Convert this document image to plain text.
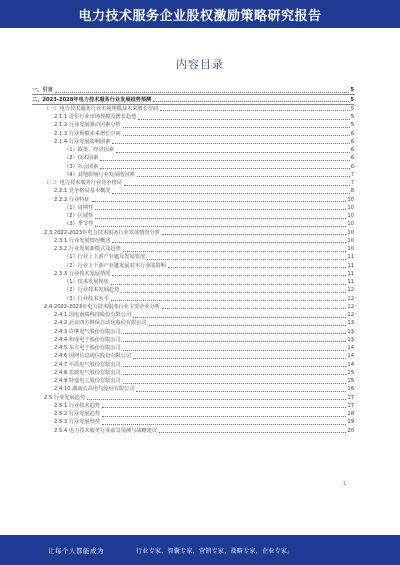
电力技术服务企业股权激励策略研究报告
内容目录
一、引言	5
二、2023-2028年电力技术服务行业发展趋势预测	5
（一）电力技术服务行业市场规模及未来增长空间	5
2.1.1 近年行业市场规模及增长趋势	5
2.1.2 行业发展驱动因素分析	5
2.1.3 行业规模未来增长空间	6
2.1.4 行业发展影响因素	6
（1）政策、经济因素	6
（2）技术因素	6
（3）社会因素	6
（4）其他影响行业发展的因素	7
（二）电力技术服务行业竞争格局	7
2.2.1 竞争格局基本概况	8
2.2.2 行业特征	10
（1）周期性	10
（2）区域性	10
（3）季节性	10
2.3 2022-2023年电力技术服务行业发展情况分析	10
2.3.1 行业发展情况概述	10
2.3.2 行业发展新模式及趋势	10
（1）行业上下游产业链及发展状况	11
（2）行业上下游产业链发展对本行业的影响	11
2.3.3 行业技术发展情况	11
（1）技术发展现状	11
（2）行业技术发展趋势	12
（3）行业技术水平	12
2.4 2022-2023年电力技术服务行业主要企业分析	12
2.4.1 国电南瑞科技股份有限公司	12
2.4.2 北京四方继保自动化股份有限公司	13
2.4.3 许继电气股份有限公司	13
2.4.4 积成电子股份有限公司	13
2.4.5 东方电子股份有限公司	14
2.4.6 国网信息通信股份有限公司	14
2.4.7 平高电气股份有限公司	14
2.4.8 思源电气股份有限公司	15
2.4.9 特变电工股份有限公司	15
2.4.10 湖南长高电气股份有限公司	16
2.5 行业发展趋势	17
2.5.1 行业技术趋势	17
2.5.2 行业发展趋势	18
2.5.3 行业发展壁垒	19
2.5.4 电力技术服务行业前景预测与战略建议	20
1
让每个人都能成为	行业专家，智囊专家，营销专家，战略专家，企业专家。
